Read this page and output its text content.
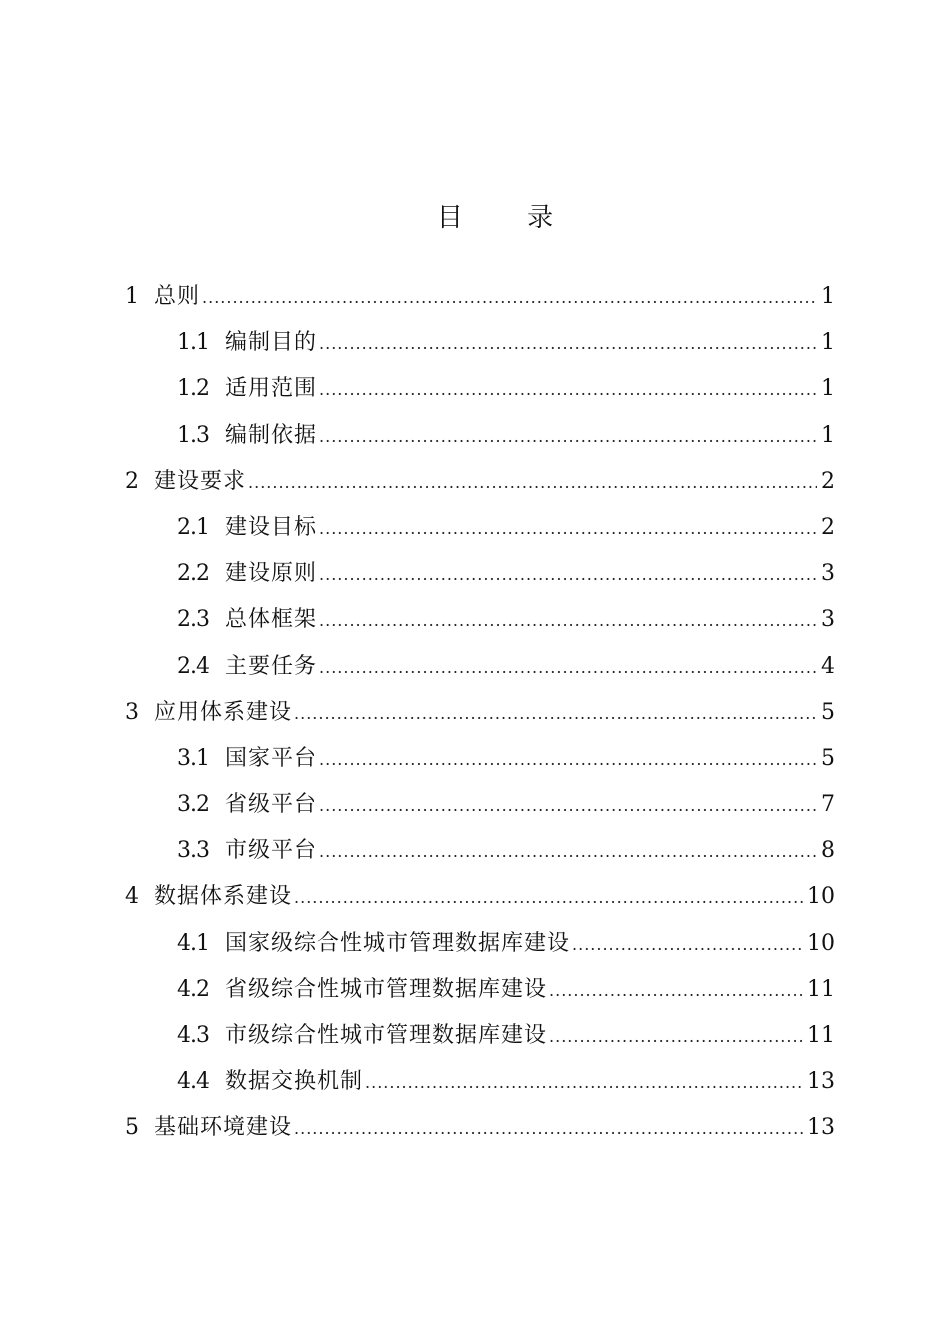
目 录
1 总则 .....	1
1.1 编制目的 .....	1
1.2 适用范围 .....	1
1.3 编制依据 .....	1
2 建设要求 .....	2
2.1 建设目标 .....	2
2.2 建设原则 .....	3
2.3 总体框架 .....	3
2.4 主要任务 .....	4
3 应用体系建设 .....	5
3.1 国家平台 .....	5
3.2 省级平台 .....	7
3.3 市级平台 .....	8
4 数据体系建设 .....	10
4.1 国家级综合性城市管理数据库建设 .....	10
4.2 省级综合性城市管理数据库建设 .....	11
4.3 市级综合性城市管理数据库建设 .....	11
4.4 数据交换机制 .....	13
5 基础环境建设 .....	13
